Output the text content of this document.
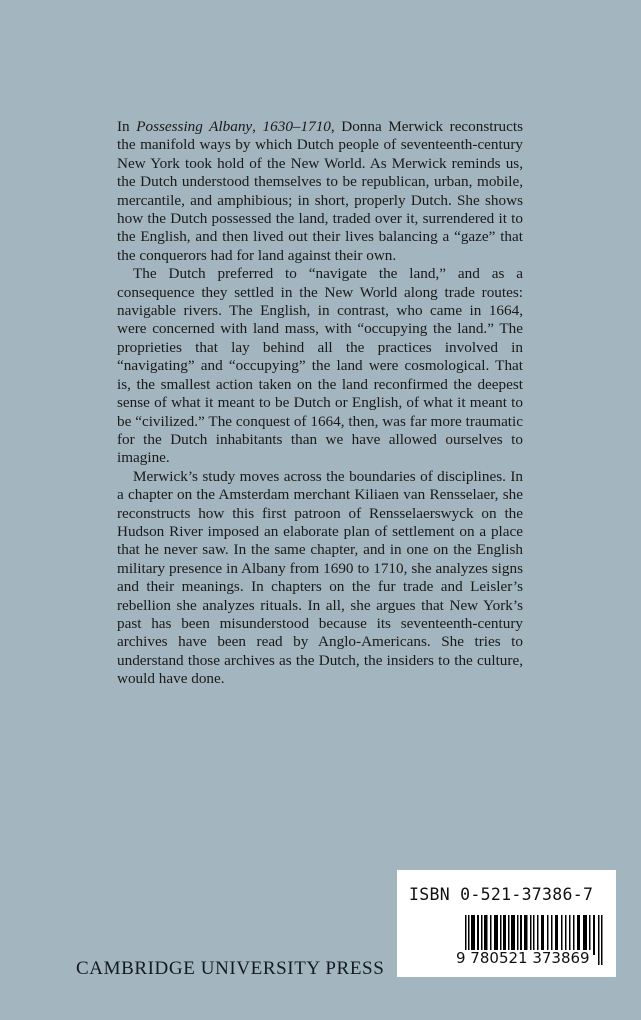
In Possessing Albany, 1630–1710, Donna Merwick reconstructs the manifold ways by which Dutch people of seventeenth-century New York took hold of the New World. As Merwick reminds us, the Dutch understood themselves to be republican, urban, mobile, mercantile, and amphibious; in short, properly Dutch. She shows how the Dutch possessed the land, traded over it, surrendered it to the English, and then lived out their lives balancing a “gaze” that the conquerors had for land against their own.

The Dutch preferred to “navigate the land,” and as a consequence they settled in the New World along trade routes: navigable rivers. The English, in contrast, who came in 1664, were concerned with land mass, with “occupying the land.” The proprieties that lay behind all the practices involved in “navigating” and “occupying” the land were cosmological. That is, the smallest action taken on the land reconfirmed the deepest sense of what it meant to be Dutch or English, of what it meant to be “civilized.” The conquest of 1664, then, was far more traumatic for the Dutch inhabitants than we have allowed ourselves to imagine.

Merwick’s study moves across the boundaries of disciplines. In a chapter on the Amsterdam merchant Kiliaen van Rensselaer, she reconstructs how this first patroon of Rensselaerswyck on the Hudson River imposed an elaborate plan of settlement on a place that he never saw. In the same chapter, and in one on the English military presence in Albany from 1690 to 1710, she analyzes signs and their meanings. In chapters on the fur trade and Leisler’s rebellion she analyzes rituals. In all, she argues that New York’s past has been misunderstood because its seventeenth-century archives have been read by Anglo-Americans. She tries to understand those archives as the Dutch, the insiders to the culture, would have done.

CAMBRIDGE UNIVERSITY PRESS
ISBN 0-521-37386-7
9 780521 373869
